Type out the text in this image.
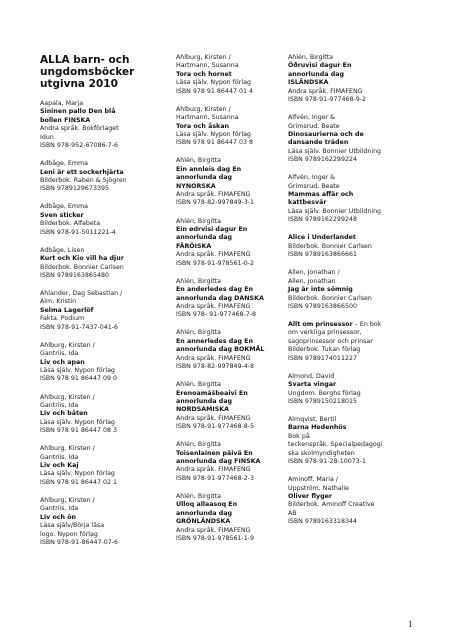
ALLA barn- och
ungdomsböcker
utgivna 2010
Aapala, Marja
Sininen pallo Den blå
bollen FINSKA
Andra språk. Bokförlaget
Idun
ISBN 978-952-67086-7-6
Adbåge, Emma
Leni är ett sockerhjärta
Bilderbok. Rabén & Sjögren
ISBN 9789129673395
Adbåge, Emma
Sven sticker
Bilderbok. Alfabeta
ISBN 978-91-5011221-4
Adbåge, Lisen
Kurt och Kio vill ha djur
Bilderbok. Bonnier Carlsen
ISBN 9789163865480
Ahlander, Dag Sebastian /
Alm, Kristin
Selma Lagerlöf
Fakta. Podium
ISBN 978-91-7437-041-6
Ahlburg, Kirsten /
Gantriis, Ida
Liv och apan
Läsa själv. Nypon förlag
ISBN 978 91 86447 09 0
Ahlburg, Kirsten /
Gantriis, Ida
Liv och båten
Läsa själv. Nypon förlag
ISBN 978 91 86447 08 3
Ahlburg, Kirsten /
Gantriis, Ida
Liv och Kaj
Läsa själv. Nypon förlag
ISBN 978 91 86447 02 1
Ahlburg, Kirsten /
Gantriis, Ida
Liv och ön
Läsa själv/Börja läsa
logo. Nypon förlag
ISBN 978-91-86447-07-6
Ahlburg, Kirsten /
Hartmann, Susanna
Tora och hornet
Läsa själv. Nypon förlag
ISBN 978 91 86447 01 4
Ahlburg, Kirsten /
Hartmann, Susanna
Tora och åskan
Läsa själv. Nypon förlag
ISBN 978 91 86447 03 8
Ahlén, Birgitta
Ein annleis dag En
annorlunda dag
NYNORSKA
Andra språk. FIMAFENG
ISBN 978-82-997849-3-1
Ahlén, Birgitta
Ein ødrvisi dagur En
annorlunda dag
FÄRÖISKA
Andra språk. FIMAFENG
ISBN 978-91-978561-0-2
Ahlén, Birgitta
En anderledes dag En
annorlunda dag DANSKA
Andra språk. FIMAFENG
ISBN 978- 91-977468-7-8
Ahlén, Birgitta
En annerledes dag En
annorlunda dag BOKMÅL
Andra språk. FIMAFENG
ISBN 978-82-997849-4-8
Ahlén, Birgitta
Erenoamášbeaivi En
annorlunda dag
NORDSAMISKA
Andra språk. FIMAFENG
ISBN 978-91-977468-8-5
Ahlén, Birgitta
Toisenlainen päivä En
annorlunda dag FINSKA
Andra språk. FIMAFENG
ISBN 978-91-977468-2-3
Ahlén, Birgitta
Ulloq allaasoq En
annorlunda dag
GRÖNLÄNDSKA
Andra språk. FIMAFENG
ISBN 978-91-978561-1-9
Ahlén, Birgitta
Öðruvisi dagur En
annorlunda dag
ISLÄNDSKA
Andra språk. FIMAFENG
ISBN 978-91-977468-9-2
Alfvén, Inger &
Grimsrud, Beate
Dinosaurierna och de
dansande träden
Läsa själv. Bonnier Utbildning
ISBN 9789162299224
Alfvén, Inger &
Grimsrud, Beate
Mammas affär och
kattbesvär
Läsa själv. Bonnier Utbildning
ISBN 9789162299248
Alice i Underlandet
Bilderbok. Bonnier Carlsen
ISBN 9789163866661
Allen, Jonathan /
Allen, Jonathan
Jag är inte sömnig
Bilderbok. Bonnier Carlsen
ISBN 9789163866500
Allt om prinsessor – En bok
om verkliga prinsessor,
sagoprinsessor och prinsar
Bilderbok. Tukan förlag
ISBN 9789174011227
Almond, David
Svarta vingar
Ungdom. Berghs förlag
ISBN 9789150218015
Almqvist, Bertil
Barna Hedenhös
Bok på
teckenspråk. Specialpedagogi
ska skolmyndigheten
ISBN 978-91-28-10073-1
Aminoff, Maria /
Uppström, Nathalie
Oliver flyger
Bilderbok. Aminoff Creative
AB
ISBN 9789163318344
1
